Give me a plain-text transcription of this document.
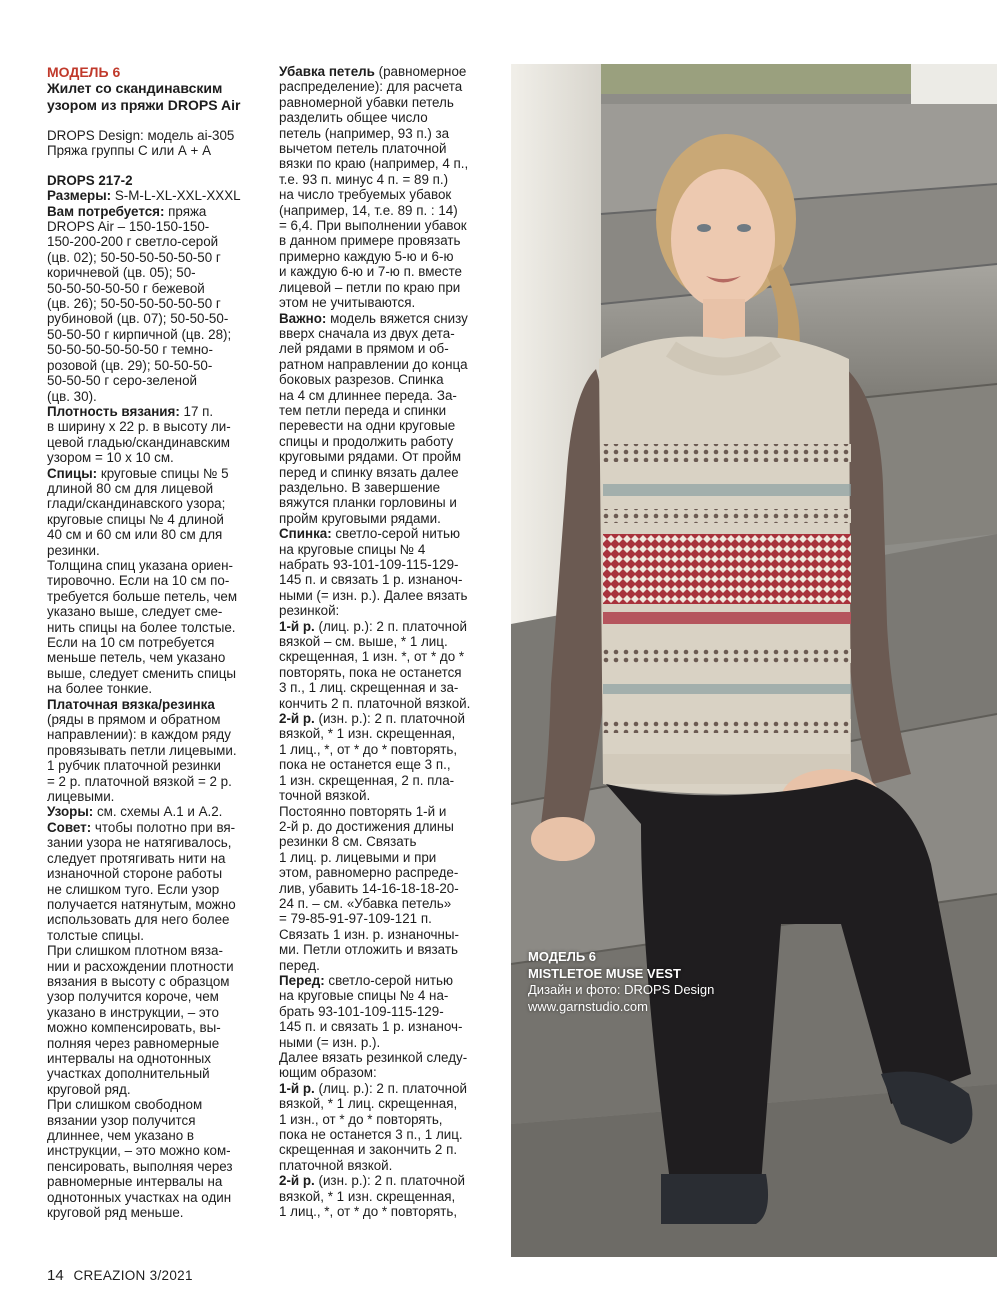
МОДЕЛЬ 6

Жилет со скандинавским

узором из пряжи DROPS Air

DROPS Design: модель ai-305

Пряжа группы С или А + А

DROPS 217-2

Размеры: S-M-L-XL-XXL-XXXL

Вам потребуется: пряжа

DROPS Air – 150-150-150-

150-200-200 г светло-серой

(цв. 02); 50-50-50-50-50-50 г

коричневой (цв. 05); 50-

50-50-50-50-50 г бежевой

(цв. 26); 50-50-50-50-50-50 г

рубиновой (цв. 07); 50-50-50-

50-50-50 г кирпичной (цв. 28);

50-50-50-50-50-50 г темно-

розовой (цв. 29); 50-50-50-

50-50-50 г серо-зеленой

(цв. 30).

Плотность вязания: 17 п.

в ширину х 22 р. в высоту ли-

цевой гладью/скандинавским

узором = 10 х 10 см.

Спицы: круговые спицы № 5

длиной 80 см для лицевой

глади/скандинавского узора;

круговые спицы № 4 длиной

40 см и 60 см или 80 см для

резинки.

Толщина спиц указана ориен-

тировочно. Если на 10 см по-

требуется больше петель, чем

указано выше, следует сме-

нить спицы на более толстые.

Если на 10 см потребуется

меньше петель, чем указано

выше, следует сменить спицы

на более тонкие.

Платочная вязка/резинка

(ряды в прямом и обратном

направлении): в каждом ряду

провязывать петли лицевыми.

1 рубчик платочной резинки

= 2 р. платочной вязкой = 2 р.

лицевыми.

Узоры: см. схемы А.1 и А.2.

Совет: чтобы полотно при вя-

зании узора не натягивалось,

следует протягивать нити на

изнаночной стороне работы

не слишком туго. Если узор

получается натянутым, можно

использовать для него более

толстые спицы.

При слишком плотном вяза-

нии и расхождении плотности

вязания в высоту с образцом

узор получится короче, чем

указано в инструкции, – это

можно компенсировать, вы-

полняя через равномерные

интервалы на однотонных

участках дополнительный

круговой ряд.

При слишком свободном

вязании узор получится

длиннее, чем указано в

инструкции, – это можно ком-

пенсировать, выполняя через

равномерные интервалы на

однотонных участках на один

круговой ряд меньше.

Убавка петель (равномерное

распределение): для расчета

равномерной убавки петель

разделить общее число

петель (например, 93 п.) за

вычетом петель платочной

вязки по краю (например, 4 п.,

т.е. 93 п. минус 4 п. = 89 п.)

на число требуемых убавок

(например, 14, т.е. 89 п. : 14)

= 6,4. При выполнении убавок

в данном примере провязать

примерно каждую 5-ю и 6-ю

и каждую 6-ю и 7-ю п. вместе

лицевой – петли по краю при

этом не учитываются.

Важно: модель вяжется снизу

вверх сначала из двух дета-

лей рядами в прямом и об-

ратном направлении до конца

боковых разрезов. Спинка

на 4 см длиннее переда. За-

тем петли переда и спинки

перевести на одни круговые

спицы и продолжить работу

круговыми рядами. От пройм

перед и спинку вязать далее

раздельно. В завершение

вяжутся планки горловины и

пройм круговыми рядами.

Спинка: светло-серой нитью

на круговые спицы № 4

набрать 93-101-109-115-129-

145 п. и связать 1 р. изнаноч-

ными (= изн. р.). Далее вязать

резинкой:

1-й р. (лиц. р.): 2 п. платочной

вязкой – см. выше, * 1 лиц.

скрещенная, 1 изн. *, от * до *

повторять, пока не останется

3 п., 1 лиц. скрещенная и за-

кончить 2 п. платочной вязкой.

2-й р. (изн. р.): 2 п. платочной

вязкой, * 1 изн. скрещенная,

1 лиц., *, от * до * повторять,

пока не останется еще 3 п.,

1 изн. скрещенная, 2 п. пла-

точной вязкой.

Постоянно повторять 1-й и

2-й р. до достижения длины

резинки 8 см. Связать

1 лиц. р. лицевыми и при

этом, равномерно распреде-

лив, убавить 14-16-18-18-20-

24 п. – см. «Убавка петель»

= 79-85-91-97-109-121 п.

Связать 1 изн. р. изнаночны-

ми. Петли отложить и вязать

перед.

Перед: светло-серой нитью

на круговые спицы № 4 на-

брать 93-101-109-115-129-

145 п. и связать 1 р. изнаноч-

ными (= изн. р.).

Далее вязать резинкой следу-

ющим образом:

1-й р. (лиц. р.): 2 п. платочной

вязкой, * 1 лиц. скрещенная,

1 изн., от * до * повторять,

пока не останется 3 п., 1 лиц.

скрещенная и закончить 2 п.

платочной вязкой.

2-й р. (изн. р.): 2 п. платочной

вязкой, * 1 изн. скрещенная,

1 лиц., *, от * до * повторять,

МОДЕЛЬ 6
MISTLETOE MUSE VEST
Дизайн и фото: DROPS Design
www.garnstudio.com
14 CREAZION 3/2021
